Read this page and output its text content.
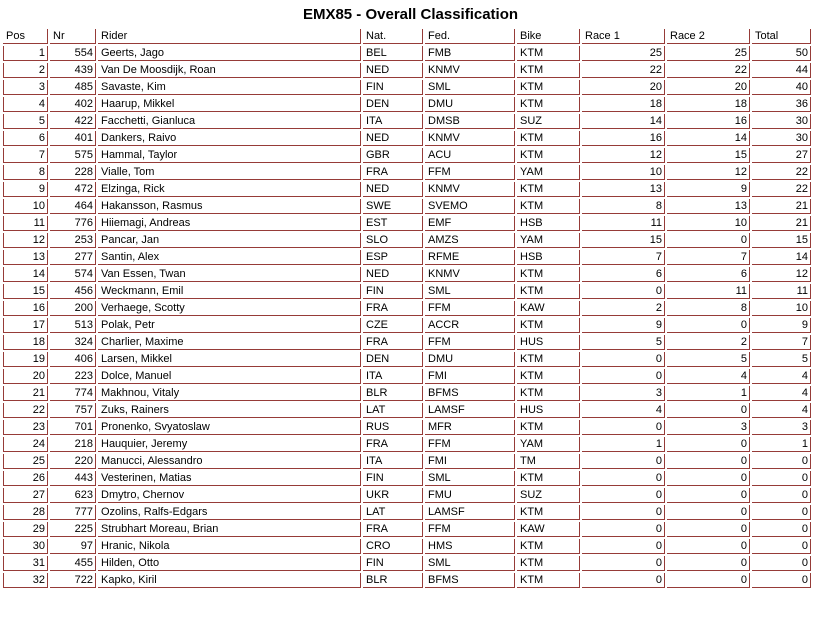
EMX85 - Overall Classification
Pos	Nr	Rider	Nat.	Fed.	Bike	Race 1	Race 2	Total
1	554	Geerts, Jago	BEL	FMB	KTM	25	25	50
2	439	Van De Moosdijk, Roan	NED	KNMV	KTM	22	22	44
3	485	Savaste, Kim	FIN	SML	KTM	20	20	40
4	402	Haarup, Mikkel	DEN	DMU	KTM	18	18	36
5	422	Facchetti, Gianluca	ITA	DMSB	SUZ	14	16	30
6	401	Dankers, Raivo	NED	KNMV	KTM	16	14	30
7	575	Hammal, Taylor	GBR	ACU	KTM	12	15	27
8	228	Vialle, Tom	FRA	FFM	YAM	10	12	22
9	472	Elzinga, Rick	NED	KNMV	KTM	13	9	22
10	464	Hakansson, Rasmus	SWE	SVEMO	KTM	8	13	21
11	776	Hiiemagi, Andreas	EST	EMF	HSB	11	10	21
12	253	Pancar, Jan	SLO	AMZS	YAM	15	0	15
13	277	Santin, Alex	ESP	RFME	HSB	7	7	14
14	574	Van Essen, Twan	NED	KNMV	KTM	6	6	12
15	456	Weckmann, Emil	FIN	SML	KTM	0	11	11
16	200	Verhaege, Scotty	FRA	FFM	KAW	2	8	10
17	513	Polak, Petr	CZE	ACCR	KTM	9	0	9
18	324	Charlier, Maxime	FRA	FFM	HUS	5	2	7
19	406	Larsen, Mikkel	DEN	DMU	KTM	0	5	5
20	223	Dolce, Manuel	ITA	FMI	KTM	0	4	4
21	774	Makhnou, Vitaly	BLR	BFMS	KTM	3	1	4
22	757	Zuks, Rainers	LAT	LAMSF	HUS	4	0	4
23	701	Pronenko, Svyatoslaw	RUS	MFR	KTM	0	3	3
24	218	Hauquier, Jeremy	FRA	FFM	YAM	1	0	1
25	220	Manucci, Alessandro	ITA	FMI	TM	0	0	0
26	443	Vesterinen, Matias	FIN	SML	KTM	0	0	0
27	623	Dmytro, Chernov	UKR	FMU	SUZ	0	0	0
28	777	Ozolins, Ralfs-Edgars	LAT	LAMSF	KTM	0	0	0
29	225	Strubhart Moreau, Brian	FRA	FFM	KAW	0	0	0
30	97	Hranic, Nikola	CRO	HMS	KTM	0	0	0
31	455	Hilden, Otto	FIN	SML	KTM	0	0	0
32	722	Kapko, Kiril	BLR	BFMS	KTM	0	0	0
